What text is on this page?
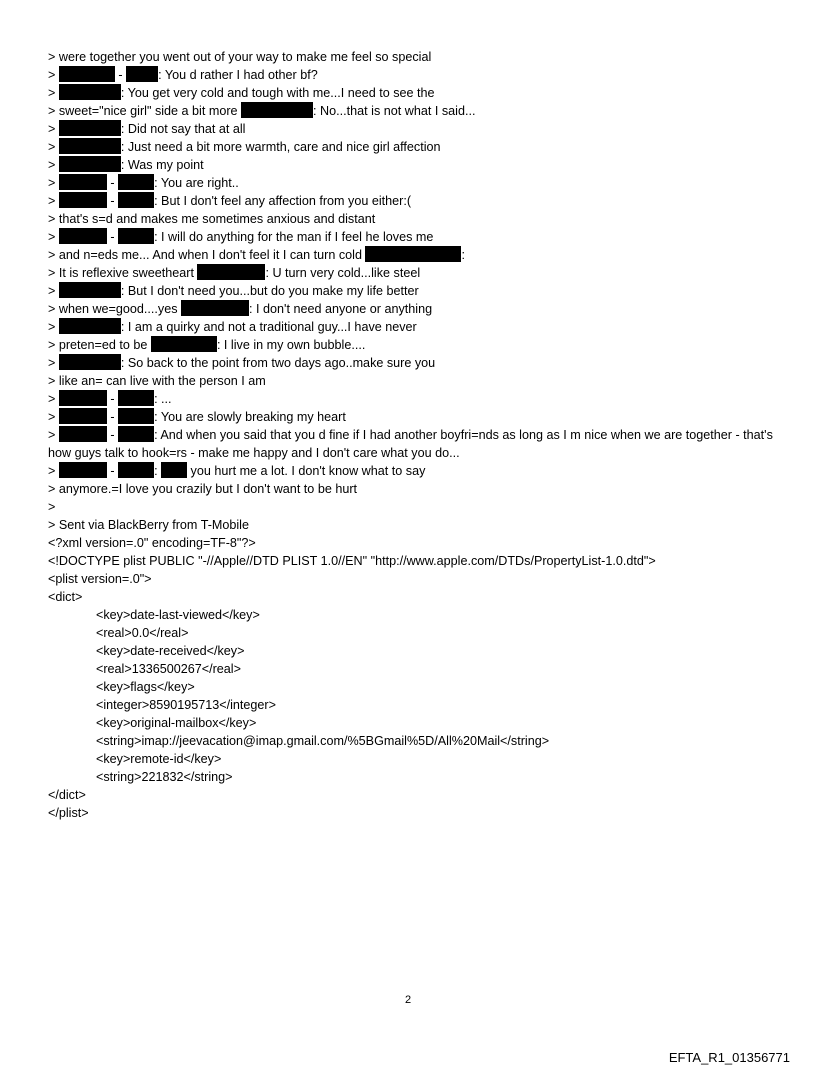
> were together you went out of your way to make me feel so special
>	-	: You d rather I had other bf?
>	: You get very cold and tough with me...I need to see the
> sweet="nice girl" side a bit more	: No...that is not what I said...
>	: Did not say that at all
>	: Just need a bit more warmth, care and nice girl affection
>	: Was my point
>	-	: You are right..
>	-	: But I don't feel any affection from you either:(
> that's s=d and makes me sometimes anxious and distant
>	-	: I will do anything for the man if I feel he loves me
> and n=eds me... And when I don't feel it I can turn cold	:
> It is reflexive sweetheart	: U turn very cold...like steel
>	: But I don't need you...but do you make my life better
> when we=good....yes	: I don't need anyone or anything
>	: I am a quirky and not a traditional guy...I have never
> preten=ed to be	: I live in my own bubble....
>	: So back to the point from two days ago..make sure you
> like an= can live with the person I am
>	-	: ...
>	-	: You are slowly breaking my heart
>	-	: And when you said that you d fine if I had another boyfri=nds as long as I m nice when we are together - that's how guys talk to hook=rs - make me happy and I don't care what you do...
>	-	:  you hurt me a lot. I don't know what to say
> anymore.=I love you crazily but I don't want to be hurt
>
> Sent via BlackBerry from T-Mobile
<?xml version=.0" encoding=TF-8"?>
<!DOCTYPE plist PUBLIC "-//Apple//DTD PLIST 1.0//EN" "http://www.apple.com/DTDs/PropertyList-1.0.dtd">
<plist version=.0">
<dict>
<key>date-last-viewed</key>
<real>0.0</real>
<key>date-received</key>
<real>1336500267</real>
<key>flags</key>
<integer>8590195713</integer>
<key>original-mailbox</key>
<string>imap://jeevacation@imap.gmail.com/%5BGmail%5D/All%20Mail</string>
<key>remote-id</key>
<string>221832</string>
</dict>
</plist>
2
EFTA_R1_01356771
